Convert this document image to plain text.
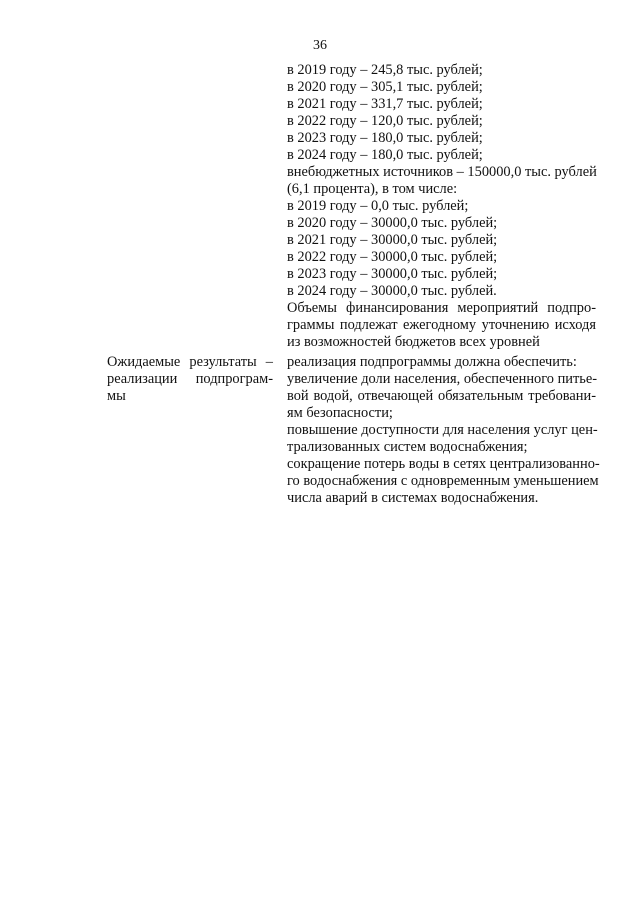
36
в 2019 году – 245,8 тыс. рублей;
в 2020 году – 305,1 тыс. рублей;
в 2021 году – 331,7 тыс. рублей;
в 2022 году – 120,0 тыс. рублей;
в 2023 году – 180,0 тыс. рублей;
в 2024 году – 180,0 тыс. рублей;
внебюджетных источников – 150000,0 тыс. рублей
(6,1 процента), в том числе:
в 2019 году – 0,0 тыс. рублей;
в 2020 году – 30000,0 тыс. рублей;
в 2021 году – 30000,0 тыс. рублей;
в 2022 году – 30000,0 тыс. рублей;
в 2023 году – 30000,0 тыс. рублей;
в 2024 году – 30000,0 тыс. рублей.
Объемы финансирования мероприятий подпро-
граммы подлежат ежегодному уточнению исходя
из возможностей бюджетов всех уровней
Ожидаемые результаты –
реализации подпрограм-
мы
реализация подпрограммы должна обеспечить:
увеличение доли населения, обеспеченного питье-
вой водой, отвечающей обязательным требовани-
ям безопасности;
повышение доступности для населения услуг цен-
трализованных систем водоснабжения;
сокращение потерь воды в сетях централизованно-
го водоснабжения с одновременным уменьшением
числа аварий в системах водоснабжения.
